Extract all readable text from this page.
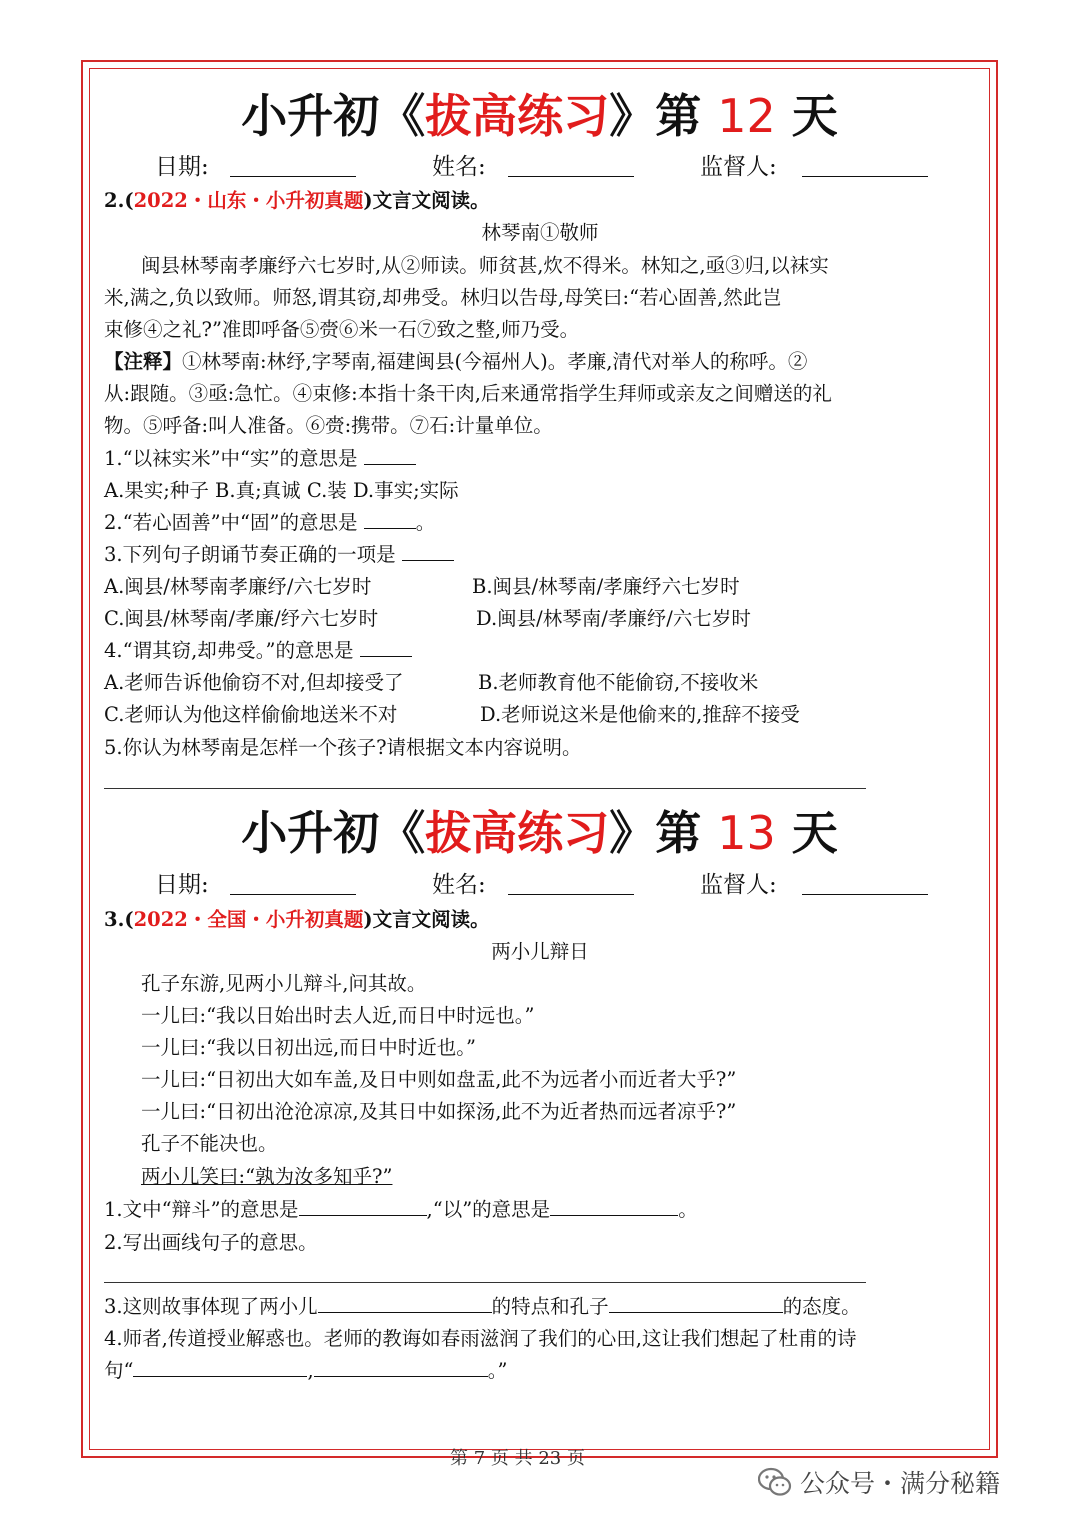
小升初《拔高练习》第 12 天
日期:	姓名:	监督人:
2.(2022・山东・小升初真题)文言文阅读。
林琴南①敬师
闽县林琴南孝廉纾六七岁时,从②师读。师贫甚,炊不得米。林知之,亟③归,以袜实
米,满之,负以致师。师怒,谓其窃,却弗受。林归以告母,母笑曰:“若心固善,然此岂
束修④之礼?”准即呼备⑤赍⑥米一石⑦致之整,师乃受。
【注释】①林琴南:林纾,字琴南,福建闽县(今福州人)。孝廉,清代对举人的称呼。②
从:跟随。③亟:急忙。④束修:本指十条干肉,后来通常指学生拜师或亲友之间赠送的礼
物。⑤呼备:叫人准备。⑥赍:携带。⑦石:计量单位。
1.“以袜实米”中“实”的意思是
A.果实;种子 B.真;真诚 C.装 D.事实;实际
2.“若心固善”中“固”的意思是	。
3.下列句子朗诵节奏正确的一项是
A.闽县/林琴南孝廉纾/六七岁时	B.闽县/林琴南/孝廉纾六七岁时
C.闽县/林琴南/孝廉/纾六七岁时	D.闽县/林琴南/孝廉纾/六七岁时
4.“谓其窃,却弗受。”的意思是
A.老师告诉他偷窃不对,但却接受了	B.老师教育他不能偷窃,不接收米
C.老师认为他这样偷偷地送米不对	D.老师说这米是他偷来的,推辞不接受
5.你认为林琴南是怎样一个孩子?请根据文本内容说明。
小升初《拔高练习》第 13 天
日期:	姓名:	监督人:
3.(2022・全国・小升初真题)文言文阅读。
两小儿辩日
孔子东游,见两小儿辩斗,问其故。
一儿曰:“我以日始出时去人近,而日中时远也。”
一儿曰:“我以日初出远,而日中时近也。”
一儿曰:“日初出大如车盖,及日中则如盘盂,此不为远者小而近者大乎?”
一儿曰:“日初出沧沧凉凉,及其日中如探汤,此不为近者热而远者凉乎?”
孔子不能决也。
两小儿笑曰:“孰为汝多知乎?”
1.文中“辩斗”的意思是	,“以”的意思是	。
2.写出画线句子的意思。
3.这则故事体现了两小儿	的特点和孔子	的态度。
4.师者,传道授业解惑也。老师的教诲如春雨滋润了我们的心田,这让我们想起了杜甫的诗
句“	,	。”
第 7 页 共 23 页
公众号・满分秘籍
